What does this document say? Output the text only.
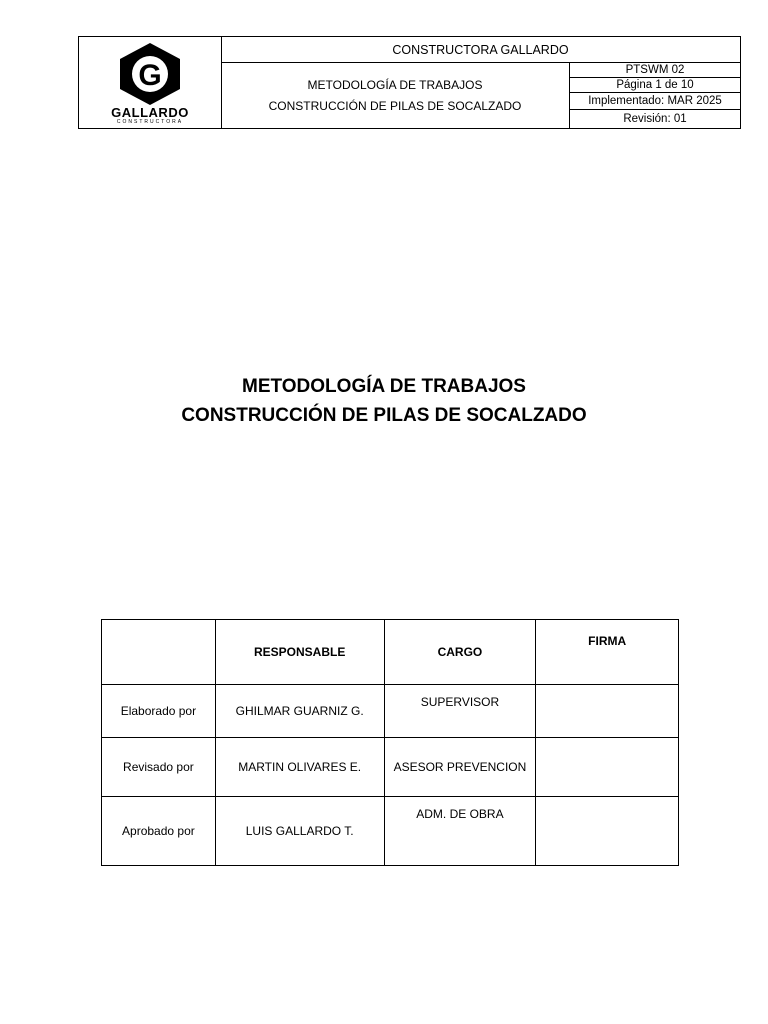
G
GALLARDO
CONSTRUCTORA
CONSTRUCTORA GALLARDO
METODOLOGÍA DE TRABAJOS
CONSTRUCCIÓN DE PILAS DE SOCALZADO
PTSWM 02
Página 1 de 10
Implementado: MAR 2025
Revisión: 01
METODOLOGÍA DE TRABAJOS
CONSTRUCCIÓN DE PILAS DE SOCALZADO
	RESPONSABLE	CARGO	FIRMA
Elaborado por	GHILMAR GUARNIZ G.	SUPERVISOR	
Revisado por	MARTIN OLIVARES E.	ASESOR PREVENCION	
Aprobado por	LUIS GALLARDO T.	ADM. DE OBRA	
